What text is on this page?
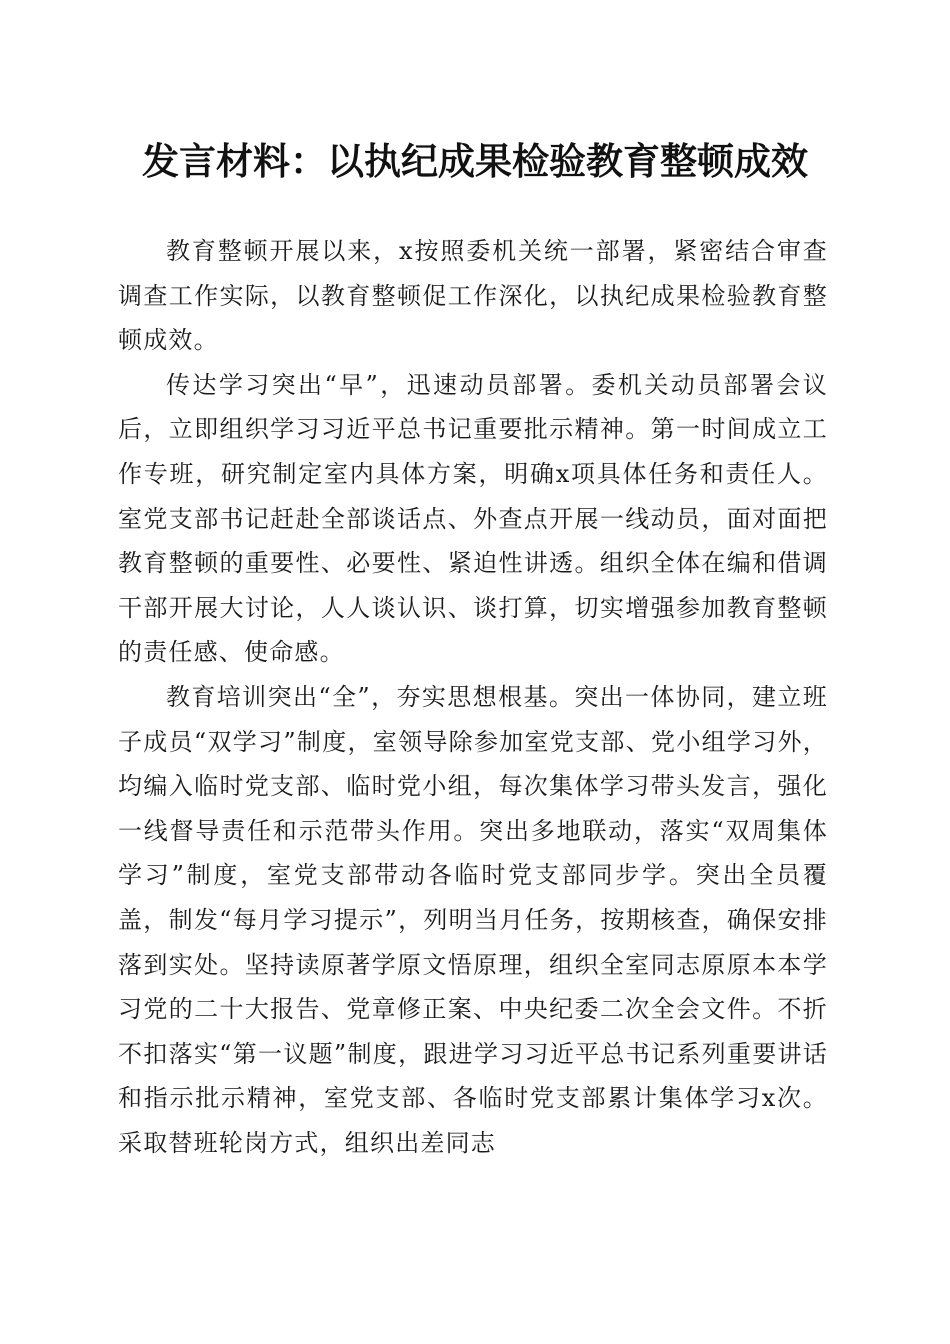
发言材料：以执纪成果检验教育整顿成效

教育整顿开展以来，x按照委机关统一部署，紧密结合审查调查工作实际，以教育整顿促工作深化，以执纪成果检验教育整顿成效。

传达学习突出“早”，迅速动员部署。委机关动员部署会议后，立即组织学习习近平总书记重要批示精神。第一时间成立工作专班，研究制定室内具体方案，明确x项具体任务和责任人。室党支部书记赶赴全部谈话点、外查点开展一线动员，面对面把教育整顿的重要性、必要性、紧迫性讲透。组织全体在编和借调干部开展大讨论，人人谈认识、谈打算，切实增强参加教育整顿的责任感、使命感。

教育培训突出“全”，夯实思想根基。突出一体协同，建立班子成员“双学习”制度，室领导除参加室党支部、党小组学习外，均编入临时党支部、临时党小组，每次集体学习带头发言，强化一线督导责任和示范带头作用。突出多地联动，落实“双周集体学习”制度，室党支部带动各临时党支部同步学。突出全员覆盖，制发“每月学习提示”，列明当月任务，按期核查，确保安排落到实处。坚持读原著学原文悟原理，组织全室同志原原本本学习党的二十大报告、党章修正案、中央纪委二次全会文件。不折不扣落实“第一议题”制度，跟进学习习近平总书记系列重要讲话和指示批示精神，室党支部、各临时党支部累计集体学习x次。采取替班轮岗方式，组织出差同志
